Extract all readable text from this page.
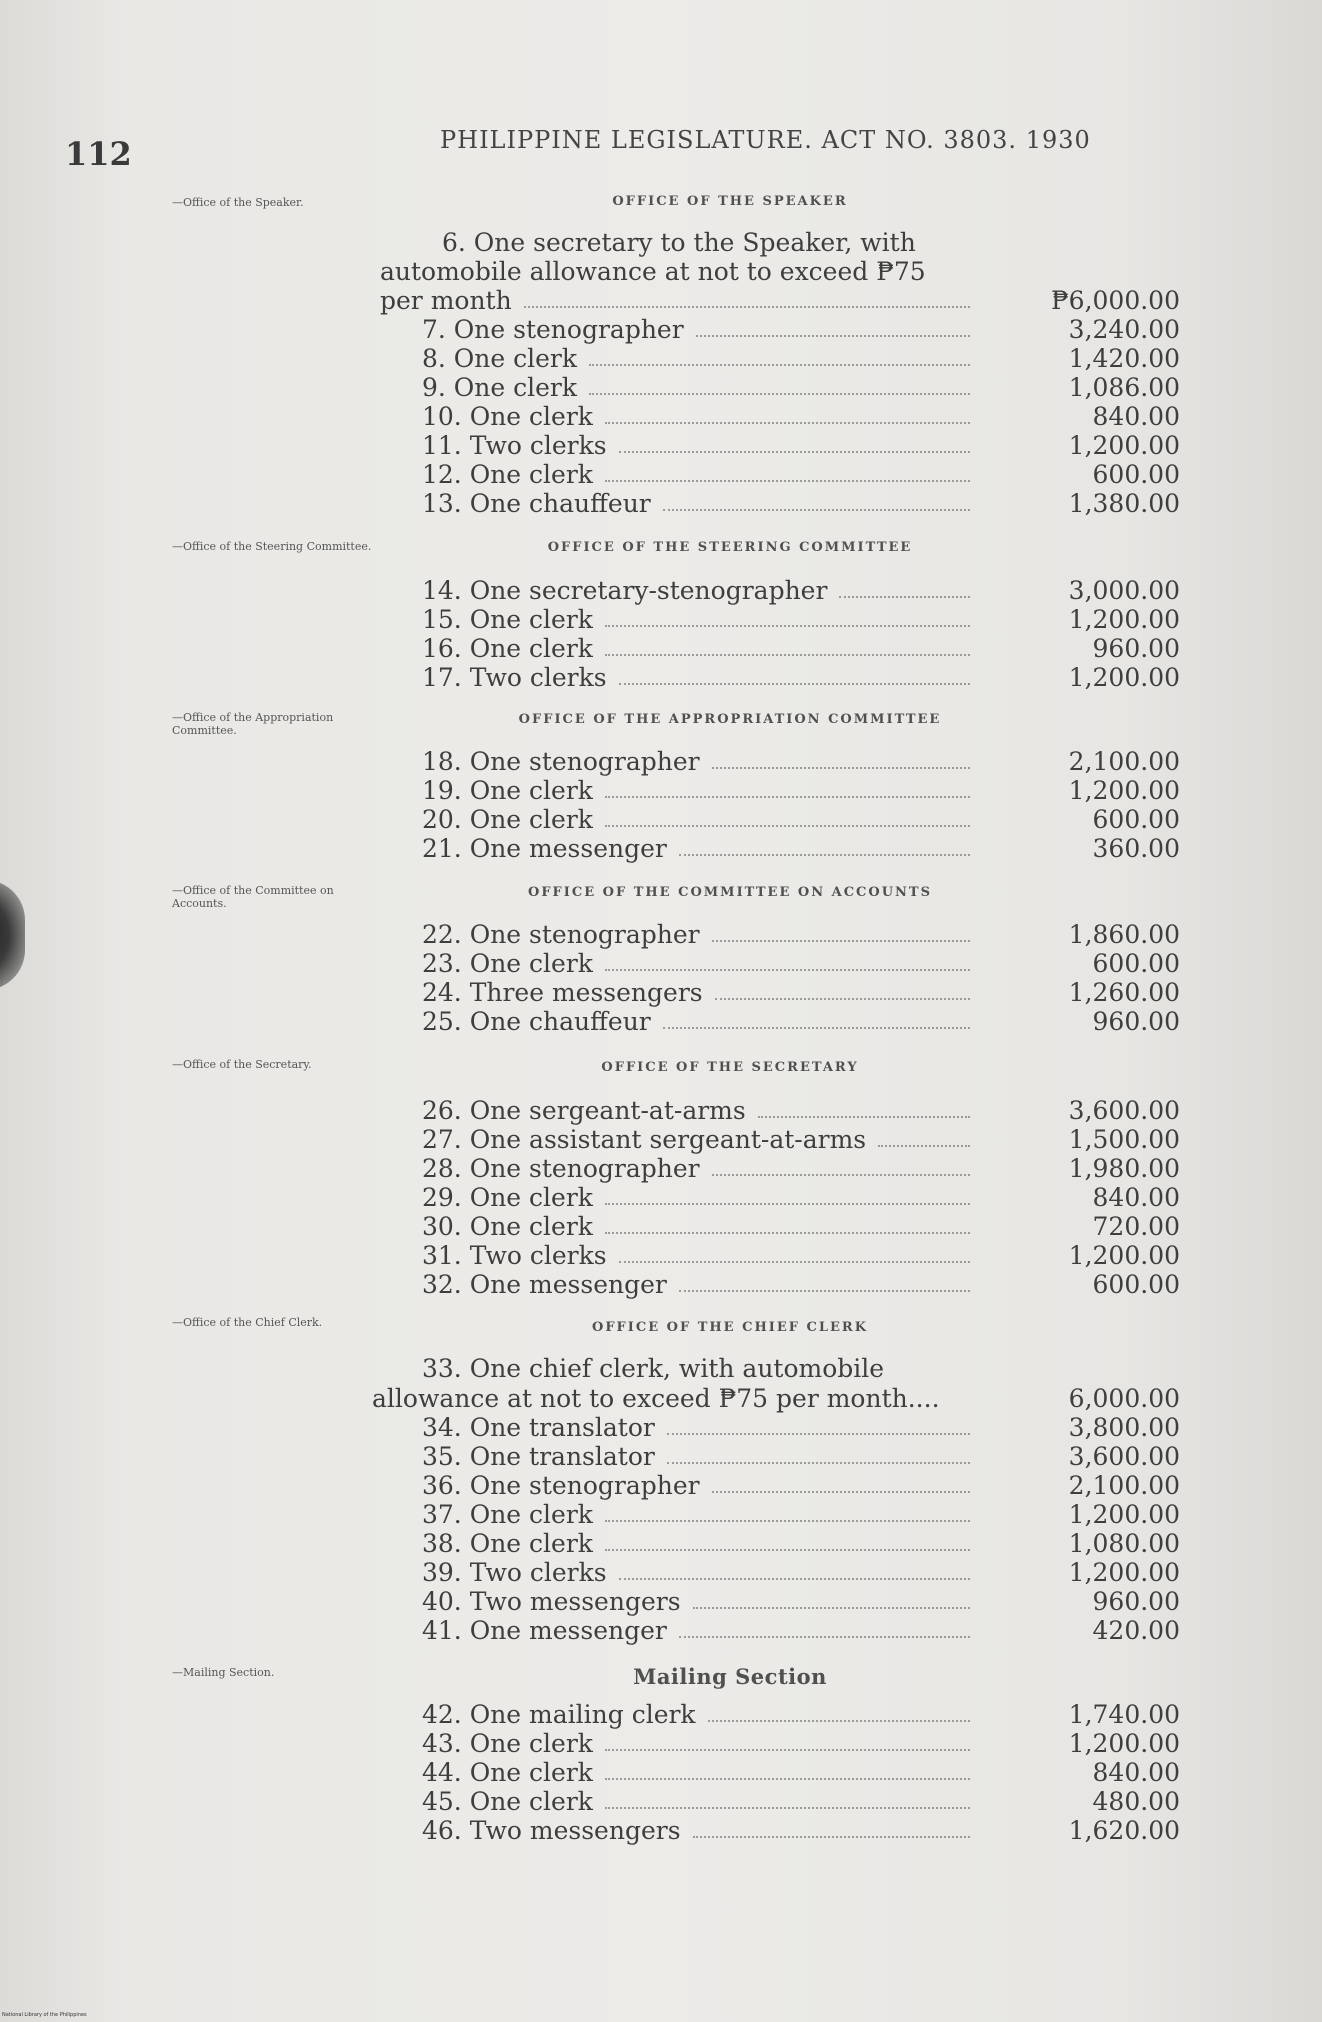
112	PHILIPPINE LEGISLATURE. ACT NO. 3803. 1930
—Office of the Speaker.	OFFICE OF THE SPEAKER
6. One secretary to the Speaker, with
automobile allowance at not to exceed ₱75
per month	₱6,000.00
7. One stenographer	3,240.00
8. One clerk	1,420.00
9. One clerk	1,086.00
10. One clerk	840.00
11. Two clerks	1,200.00
12. One clerk	600.00
13. One chauffeur	1,380.00
—Office of the Steering Committee.	OFFICE OF THE STEERING COMMITTEE
14. One secretary-stenographer	3,000.00
15. One clerk	1,200.00
16. One clerk	960.00
17. Two clerks	1,200.00
—Office of the Appropriation Committee.
OFFICE OF THE APPROPRIATION COMMITTEE
18. One stenographer	2,100.00
19. One clerk	1,200.00
20. One clerk	600.00
21. One messenger	360.00
—Office of the Committee on Accounts.
OFFICE OF THE COMMITTEE ON ACCOUNTS
22. One stenographer	1,860.00
23. One clerk	600.00
24. Three messengers	1,260.00
25. One chauffeur	960.00
—Office of the Secretary.	OFFICE OF THE SECRETARY
26. One sergeant-at-arms	3,600.00
27. One assistant sergeant-at-arms	1,500.00
28. One stenographer	1,980.00
29. One clerk	840.00
30. One clerk	720.00
31. Two clerks	1,200.00
32. One messenger	600.00
—Office of the Chief Clerk.	OFFICE OF THE CHIEF CLERK
33. One chief clerk, with automobile
allowance at not to exceed ₱75 per month....	6,000.00
34. One translator	3,800.00
35. One translator	3,600.00
36. One stenographer	2,100.00
37. One clerk	1,200.00
38. One clerk	1,080.00
39. Two clerks	1,200.00
40. Two messengers	960.00
41. One messenger	420.00
—Mailing Section.	Mailing Section
42. One mailing clerk	1,740.00
43. One clerk	1,200.00
44. One clerk	840.00
45. One clerk	480.00
46. Two messengers	1,620.00
National Library of the Philippines
